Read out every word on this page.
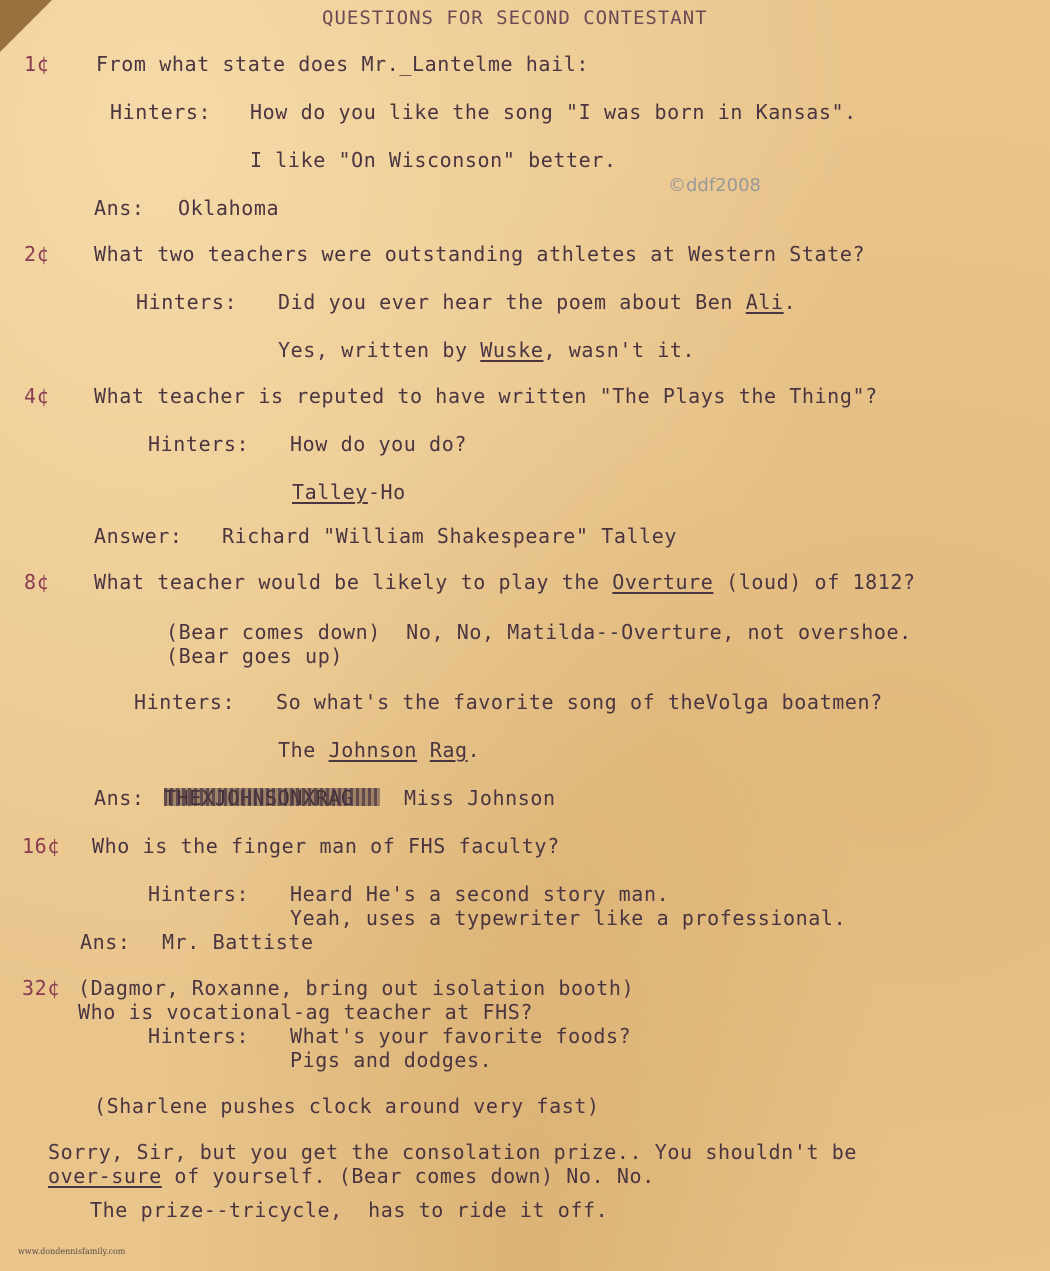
QUESTIONS FOR SECOND CONTESTANT
1¢ From what state does Mr._Lantelme hail:
Hinters: How do you like the song "I was born in Kansas".
I like "On Wisconson" better.
Ans: Oklahoma
©ddf2008
2¢ What two teachers were outstanding athletes at Western State?
Hinters: Did you ever hear the poem about Ben Ali.
Yes, written by Wuske, wasn't it.
4¢ What teacher is reputed to have written "The Plays the Thing"?
Hinters: How do you do?
Talley-Ho
Answer: Richard "William Shakespeare" Talley
8¢ What teacher would be likely to play the Overture (loud) of 1812?
(Bear comes down)  No, No, Matilda--Overture, not overshoe.
(Bear goes up)
Hinters: So what's the favorite song of theVolga boatmen?
The Johnson Rag.
Ans:	Miss Johnson
16¢ Who is the finger man of FHS faculty?
Hinters: Heard He's a second story man.
Yeah, uses a typewriter like a professional.
Ans: Mr. Battiste
32¢ (Dagmor, Roxanne, bring out isolation booth)
Who is vocational-ag teacher at FHS?
Hinters: What's your favorite foods?
Pigs and dodges.
(Sharlene pushes clock around very fast)
Sorry, Sir, but you get the consolation prize.. You shouldn't be
over-sure of yourself. (Bear comes down) No. No.
The prize--tricycle,  has to ride it off.
www.dondennisfamily.com
